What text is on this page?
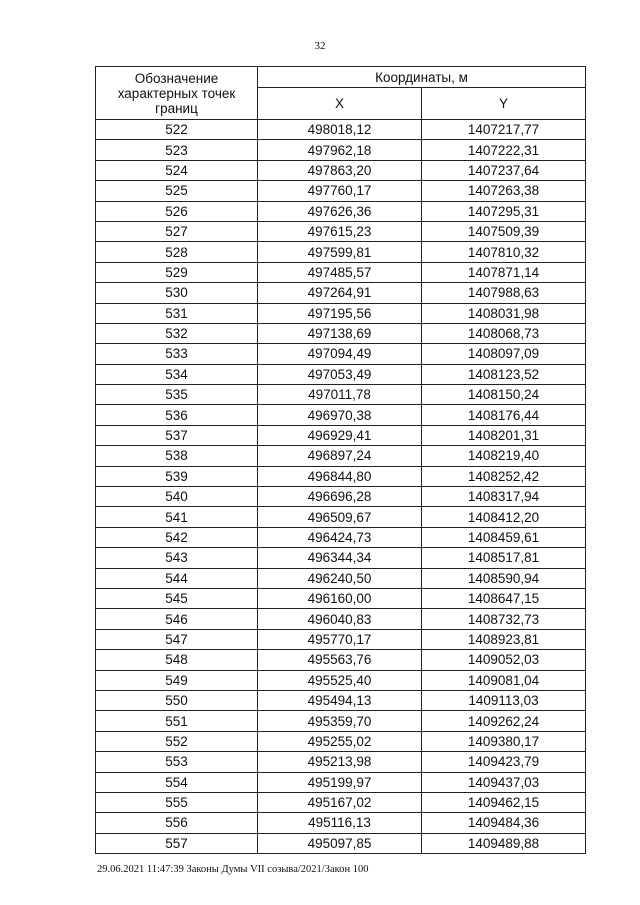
32
Обозначение характерных точек границ	Координаты, м	
	X	Y
522	498018,12	1407217,77
523	497962,18	1407222,31
524	497863,20	1407237,64
525	497760,17	1407263,38
526	497626,36	1407295,31
527	497615,23	1407509,39
528	497599,81	1407810,32
529	497485,57	1407871,14
530	497264,91	1407988,63
531	497195,56	1408031,98
532	497138,69	1408068,73
533	497094,49	1408097,09
534	497053,49	1408123,52
535	497011,78	1408150,24
536	496970,38	1408176,44
537	496929,41	1408201,31
538	496897,24	1408219,40
539	496844,80	1408252,42
540	496696,28	1408317,94
541	496509,67	1408412,20
542	496424,73	1408459,61
543	496344,34	1408517,81
544	496240,50	1408590,94
545	496160,00	1408647,15
546	496040,83	1408732,73
547	495770,17	1408923,81
548	495563,76	1409052,03
549	495525,40	1409081,04
550	495494,13	1409113,03
551	495359,70	1409262,24
552	495255,02	1409380,17
553	495213,98	1409423,79
554	495199,97	1409437,03
555	495167,02	1409462,15
556	495116,13	1409484,36
557	495097,85	1409489,88
29.06.2021 11:47:39 Законы Думы VII созыва/2021/Закон 100
